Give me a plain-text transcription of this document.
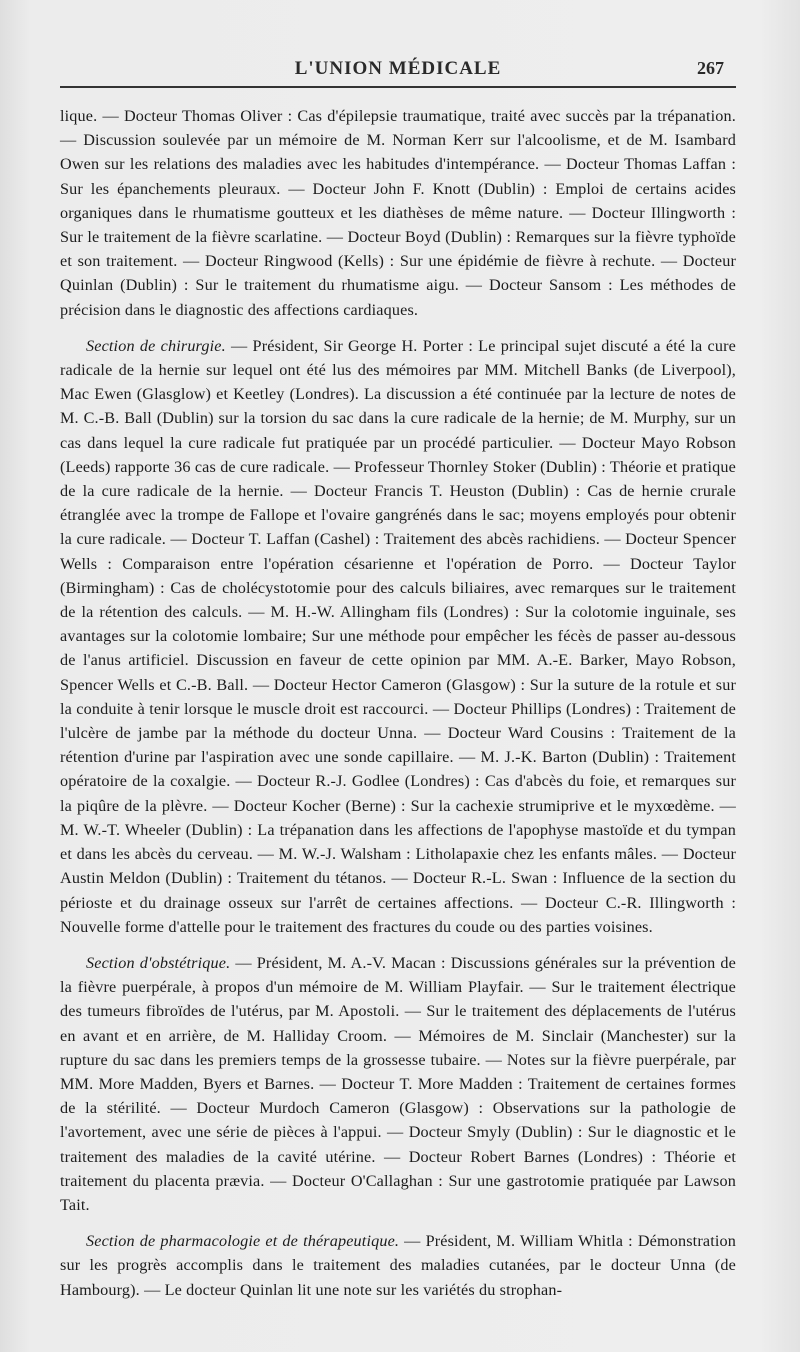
L'UNION MÉDICALE	267

lique. — Docteur Thomas Oliver : Cas d'épilepsie traumatique, traité avec succès par la trépanation. — Discussion soulevée par un mémoire de M. Norman Kerr sur l'alcoolisme, et de M. Isambard Owen sur les relations des maladies avec les habitudes d'intempérance. — Docteur Thomas Laffan : Sur les épanchements pleuraux. — Docteur John F. Knott (Dublin) : Emploi de certains acides organiques dans le rhumatisme goutteux et les diathèses de même nature. — Docteur Illingworth : Sur le traitement de la fièvre scarlatine. — Docteur Boyd (Dublin) : Remarques sur la fièvre typhoïde et son traitement. — Docteur Ringwood (Kells) : Sur une épidémie de fièvre à rechute. — Docteur Quinlan (Dublin) : Sur le traitement du rhumatisme aigu. — Docteur Sansom : Les méthodes de précision dans le diagnostic des affections cardiaques.

Section de chirurgie. — Président, Sir George H. Porter : Le principal sujet discuté a été la cure radicale de la hernie sur lequel ont été lus des mémoires par MM. Mitchell Banks (de Liverpool), Mac Ewen (Glasglow) et Keetley (Londres). La discussion a été continuée par la lecture de notes de M. C.-B. Ball (Dublin) sur la torsion du sac dans la cure radicale de la hernie; de M. Murphy, sur un cas dans lequel la cure radicale fut pratiquée par un procédé particulier. — Docteur Mayo Robson (Leeds) rapporte 36 cas de cure radicale. — Professeur Thornley Stoker (Dublin) : Théorie et pratique de la cure radicale de la hernie. — Docteur Francis T. Heuston (Dublin) : Cas de hernie crurale étranglée avec la trompe de Fallope et l'ovaire gangrénés dans le sac; moyens employés pour obtenir la cure radicale. — Docteur T. Laffan (Cashel) : Traitement des abcès rachidiens. — Docteur Spencer Wells : Comparaison entre l'opération césarienne et l'opération de Porro. — Docteur Taylor (Birmingham) : Cas de cholécystotomie pour des calculs biliaires, avec remarques sur le traitement de la rétention des calculs. — M. H.-W. Allingham fils (Londres) : Sur la colotomie inguinale, ses avantages sur la colotomie lombaire; Sur une méthode pour empêcher les fécès de passer au-dessous de l'anus artificiel. Discussion en faveur de cette opinion par MM. A.-E. Barker, Mayo Robson, Spencer Wells et C.-B. Ball. — Docteur Hector Cameron (Glasgow) : Sur la suture de la rotule et sur la conduite à tenir lorsque le muscle droit est raccourci. — Docteur Phillips (Londres) : Traitement de l'ulcère de jambe par la méthode du docteur Unna. — Docteur Ward Cousins : Traitement de la rétention d'urine par l'aspiration avec une sonde capillaire. — M. J.-K. Barton (Dublin) : Traitement opératoire de la coxalgie. — Docteur R.-J. Godlee (Londres) : Cas d'abcès du foie, et remarques sur la piqûre de la plèvre. — Docteur Kocher (Berne) : Sur la cachexie strumiprive et le myxœdème. — M. W.-T. Wheeler (Dublin) : La trépanation dans les affections de l'apophyse mastoïde et du tympan et dans les abcès du cerveau. — M. W.-J. Walsham : Litholapaxie chez les enfants mâles. — Docteur Austin Meldon (Dublin) : Traitement du tétanos. — Docteur R.-L. Swan : Influence de la section du périoste et du drainage osseux sur l'arrêt de certaines affections. — Docteur C.-R. Illingworth : Nouvelle forme d'attelle pour le traitement des fractures du coude ou des parties voisines.

Section d'obstétrique. — Président, M. A.-V. Macan : Discussions générales sur la prévention de la fièvre puerpérale, à propos d'un mémoire de M. William Playfair. — Sur le traitement électrique des tumeurs fibroïdes de l'utérus, par M. Apostoli. — Sur le traitement des déplacements de l'utérus en avant et en arrière, de M. Halliday Croom. — Mémoires de M. Sinclair (Manchester) sur la rupture du sac dans les premiers temps de la grossesse tubaire. — Notes sur la fièvre puerpérale, par MM. More Madden, Byers et Barnes. — Docteur T. More Madden : Traitement de certaines formes de la stérilité. — Docteur Murdoch Cameron (Glasgow) : Observations sur la pathologie de l'avortement, avec une série de pièces à l'appui. — Docteur Smyly (Dublin) : Sur le diagnostic et le traitement des maladies de la cavité utérine. — Docteur Robert Barnes (Londres) : Théorie et traitement du placenta prævia. — Docteur O'Callaghan : Sur une gastrotomie pratiquée par Lawson Tait.

Section de pharmacologie et de thérapeutique. — Président, M. William Whitla : Démonstration sur les progrès accomplis dans le traitement des maladies cutanées, par le docteur Unna (de Hambourg). — Le docteur Quinlan lit une note sur les variétés du strophan-
